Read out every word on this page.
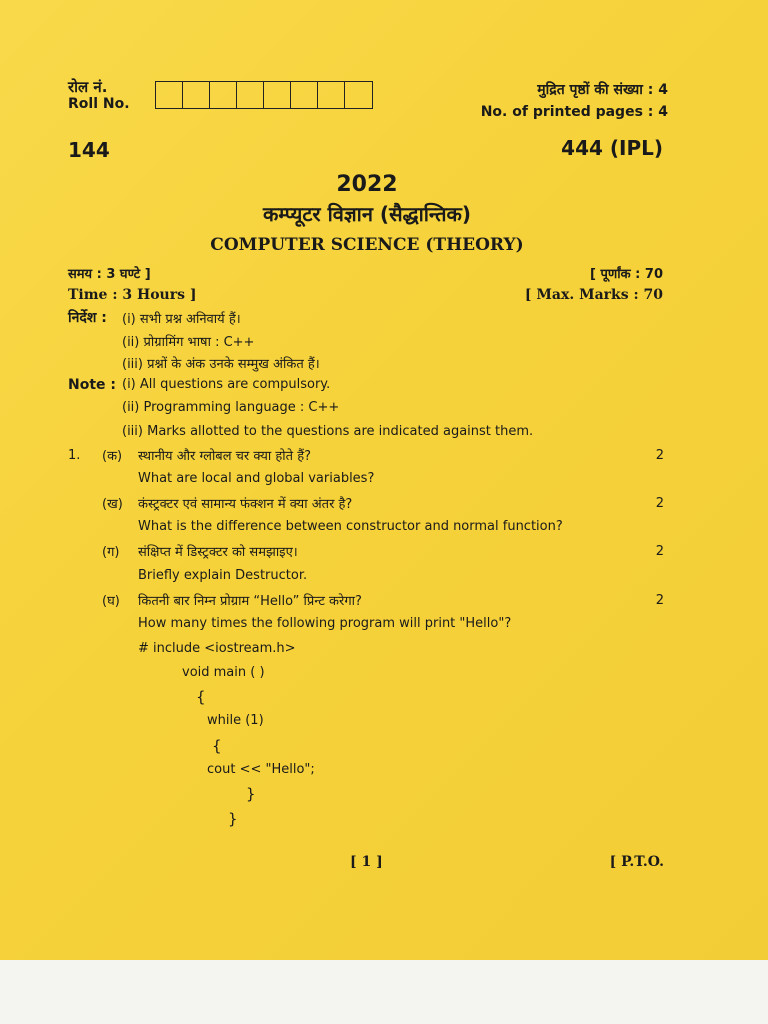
रोल नं.
Roll No.
मुद्रित पृष्ठों की संख्या : 4
No. of printed pages : 4
144	444 (IPL)
2022
कम्प्यूटर विज्ञान (सैद्धान्तिक)
COMPUTER SCIENCE (THEORY)
समय : 3 घण्टे ]	[ पूर्णांक : 70
Time : 3 Hours ]	[ Max. Marks : 70
निर्देश : (i) सभी प्रश्न अनिवार्य हैं।
(ii) प्रोग्रामिंग भाषा : C++
(iii) प्रश्नों के अंक उनके सम्मुख अंकित हैं।
Note : (i) All questions are compulsory.
(ii) Programming language : C++
(iii) Marks allotted to the questions are indicated against them.
1. (क) स्थानीय और ग्लोबल चर क्या होते हैं?	2
What are local and global variables?
(ख) कंस्ट्रक्टर एवं सामान्य फंक्शन में क्या अंतर है?	2
What is the difference between constructor and normal function?
(ग) संक्षिप्त में डिस्ट्रक्टर को समझाइए।	2
Briefly explain Destructor.
(घ) कितनी बार निम्न प्रोग्राम “Hello” प्रिन्ट करेगा?	2
How many times the following program will print "Hello"?
# include <iostream.h>
void main ( )
{
while (1)
{
cout << "Hello";
}
}
[ 1 ]	[ P.T.O.
